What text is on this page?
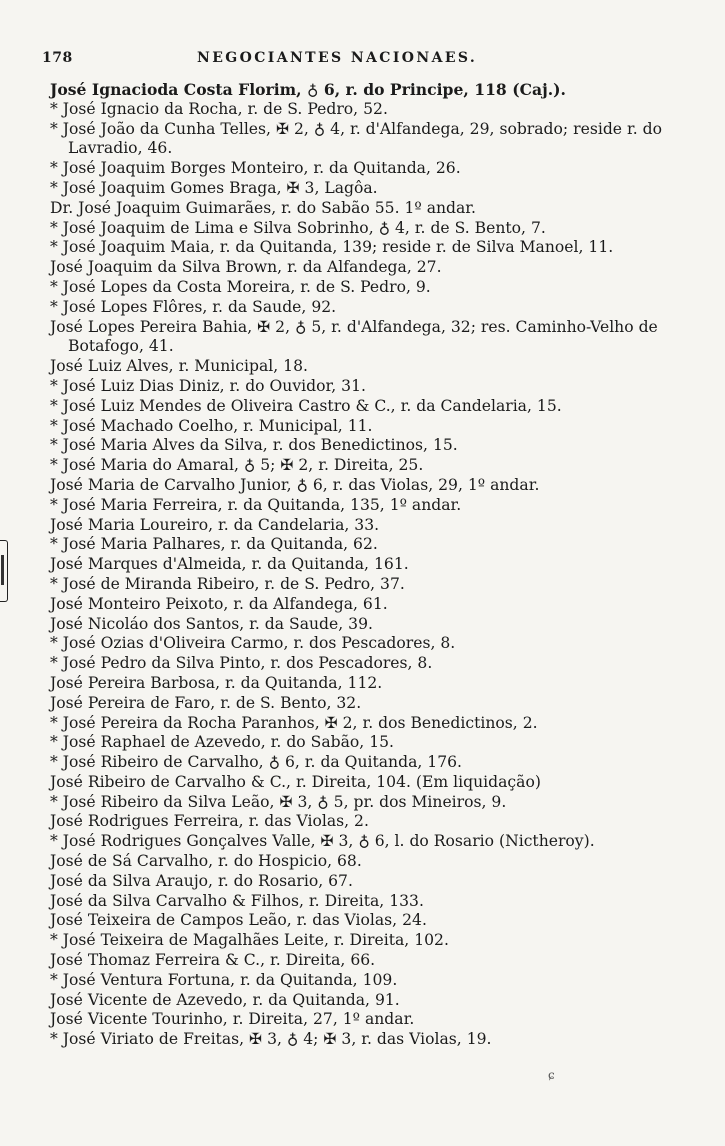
178	NEGOCIANTES NACIONAES.
José Ignacioda Costa Florim, ♁ 6, r. do Principe, 118 (Caj.).
* José Ignacio da Rocha, r. de S. Pedro, 52.
* José João da Cunha Telles, ✠ 2, ♁ 4, r. d'Alfandega, 29, sobrado; reside r. do Lavradio, 46.
* José Joaquim Borges Monteiro, r. da Quitanda, 26.
* José Joaquim Gomes Braga, ✠ 3, Lagôa.
Dr. José Joaquim Guimarães, r. do Sabão 55. 1º andar.
* José Joaquim de Lima e Silva Sobrinho, ♁ 4, r. de S. Bento, 7.
* José Joaquim Maia, r. da Quitanda, 139; reside r. de Silva Manoel, 11.
José Joaquim da Silva Brown, r. da Alfandega, 27.
* José Lopes da Costa Moreira, r. de S. Pedro, 9.
* José Lopes Flôres, r. da Saude, 92.
José Lopes Pereira Bahia, ✠ 2, ♁ 5, r. d'Alfandega, 32; res. Caminho-Velho de Botafogo, 41.
José Luiz Alves, r. Municipal, 18.
* José Luiz Dias Diniz, r. do Ouvidor, 31.
* José Luiz Mendes de Oliveira Castro & C., r. da Candelaria, 15.
* José Machado Coelho, r. Municipal, 11.
* José Maria Alves da Silva, r. dos Benedictinos, 15.
* José Maria do Amaral, ♁ 5; ✠ 2, r. Direita, 25.
José Maria de Carvalho Junior, ♁ 6, r. das Violas, 29, 1º andar.
* José Maria Ferreira, r. da Quitanda, 135, 1º andar.
José Maria Loureiro, r. da Candelaria, 33.
* José Maria Palhares, r. da Quitanda, 62.
José Marques d'Almeida, r. da Quitanda, 161.
* José de Miranda Ribeiro, r. de S. Pedro, 37.
José Monteiro Peixoto, r. da Alfandega, 61.
José Nicoláo dos Santos, r. da Saude, 39.
* José Ozias d'Oliveira Carmo, r. dos Pescadores, 8.
* José Pedro da Silva Pinto, r. dos Pescadores, 8.
José Pereira Barbosa, r. da Quitanda, 112.
José Pereira de Faro, r. de S. Bento, 32.
* José Pereira da Rocha Paranhos, ✠ 2, r. dos Benedictinos, 2.
* José Raphael de Azevedo, r. do Sabão, 15.
* José Ribeiro de Carvalho, ♁ 6, r. da Quitanda, 176.
José Ribeiro de Carvalho & C., r. Direita, 104. (Em liquidação)
* José Ribeiro da Silva Leão, ✠ 3, ♁ 5, pr. dos Mineiros, 9.
José Rodrigues Ferreira, r. das Violas, 2.
* José Rodrigues Gonçalves Valle, ✠ 3, ♁ 6, l. do Rosario (Nictheroy).
José de Sá Carvalho, r. do Hospicio, 68.
José da Silva Araujo, r. do Rosario, 67.
José da Silva Carvalho & Filhos, r. Direita, 133.
José Teixeira de Campos Leão, r. das Violas, 24.
* José Teixeira de Magalhães Leite, r. Direita, 102.
José Thomaz Ferreira & C., r. Direita, 66.
* José Ventura Fortuna, r. da Quitanda, 109.
José Vicente de Azevedo, r. da Quitanda, 91.
José Vicente Tourinho, r. Direita, 27, 1º andar.
* José Viriato de Freitas, ✠ 3, ♁ 4; ✠ 3, r. das Violas, 19.
ɕ
